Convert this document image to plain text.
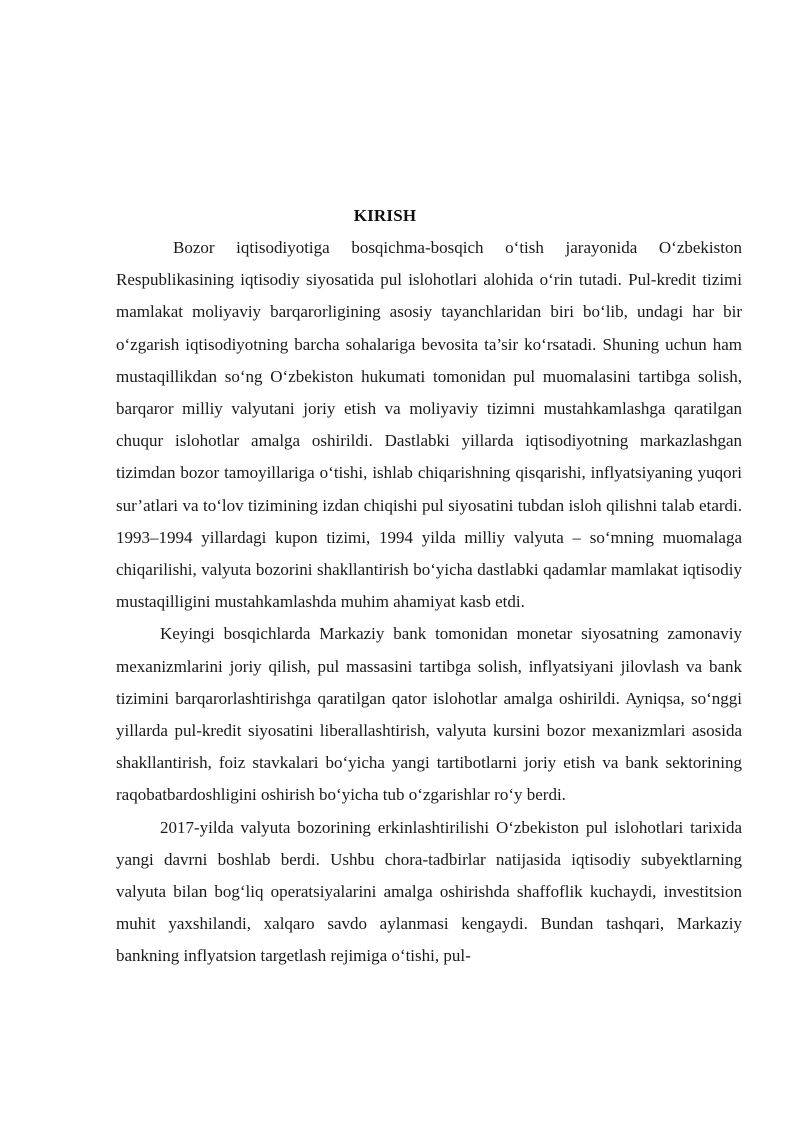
KIRISH

Bozor iqtisodiyotiga bosqichma-bosqich o‘tish jarayonida O‘zbekiston Respublikasining iqtisodiy siyosatida pul islohotlari alohida o‘rin tutadi. Pul-kredit tizimi mamlakat moliyaviy barqarorligining asosiy tayanchlaridan biri bo‘lib, undagi har bir o‘zgarish iqtisodiyotning barcha sohalariga bevosita ta’sir ko‘rsatadi. Shuning uchun ham mustaqillikdan so‘ng O‘zbekiston hukumati tomonidan pul muomalasini tartibga solish, barqaror milliy valyutani joriy etish va moliyaviy tizimni mustahkamlashga qaratilgan chuqur islohotlar amalga oshirildi. Dastlabki yillarda iqtisodiyotning markazlashgan tizimdan bozor tamoyillariga o‘tishi, ishlab chiqarishning qisqarishi, inflyatsiyaning yuqori sur’atlari va to‘lov tizimining izdan chiqishi pul siyosatini tubdan isloh qilishni talab etardi. 1993–1994 yillardagi kupon tizimi, 1994 yilda milliy valyuta – so‘mning muomalaga chiqarilishi, valyuta bozorini shakllantirish bo‘yicha dastlabki qadamlar mamlakat iqtisodiy mustaqilligini mustahkamlashda muhim ahamiyat kasb etdi.

Keyingi bosqichlarda Markaziy bank tomonidan monetar siyosatning zamonaviy mexanizmlarini joriy qilish, pul massasini tartibga solish, inflyatsiyani jilovlash va bank tizimini barqarorlashtirishga qaratilgan qator islohotlar amalga oshirildi. Ayniqsa, so‘nggi yillarda pul-kredit siyosatini liberallashtirish, valyuta kursini bozor mexanizmlari asosida shakllantirish, foiz stavkalari bo‘yicha yangi tartibotlarni joriy etish va bank sektorining raqobatbardoshligini oshirish bo‘yicha tub o‘zgarishlar ro‘y berdi.

2017-yilda valyuta bozorining erkinlashtirilishi O‘zbekiston pul islohotlari tarixida yangi davrni boshlab berdi. Ushbu chora-tadbirlar natijasida iqtisodiy subyektlarning valyuta bilan bog‘liq operatsiyalarini amalga oshirishda shaffoflik kuchaydi, investitsion muhit yaxshilandi, xalqaro savdo aylanmasi kengaydi. Bundan tashqari, Markaziy bankning inflyatsion targetlash rejimiga o‘tishi, pul-
